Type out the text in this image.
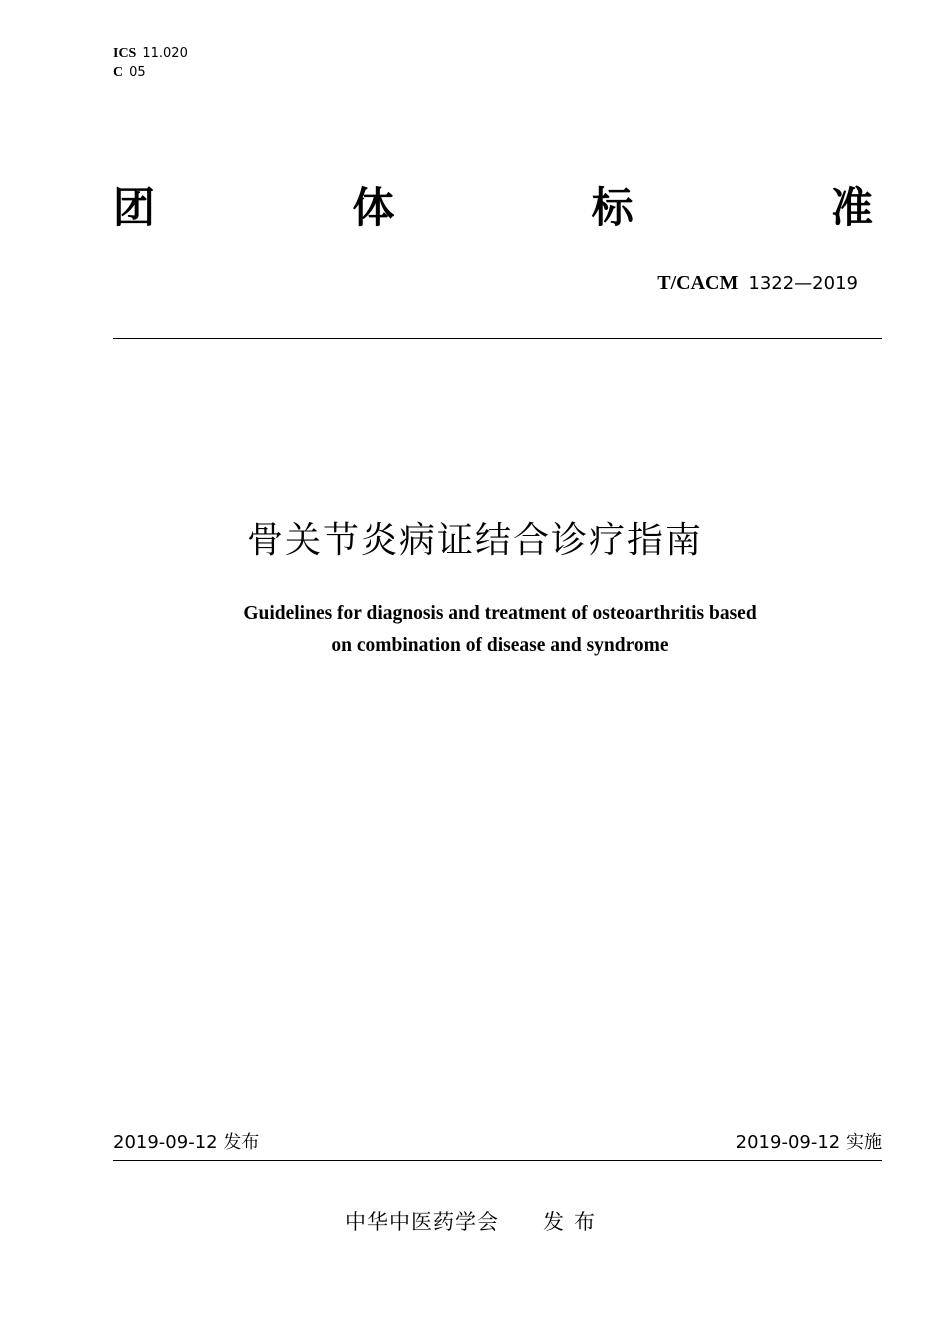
ICS 11.020
C 05
团	体	标	准
T/CACM 1322—2019
骨关节炎病证结合诊疗指南
Guidelines for diagnosis and treatment of osteoarthritis based
on combination of disease and syndrome
2019-09-12 发布	2019-09-12 实施
中华中医药学会 发布
